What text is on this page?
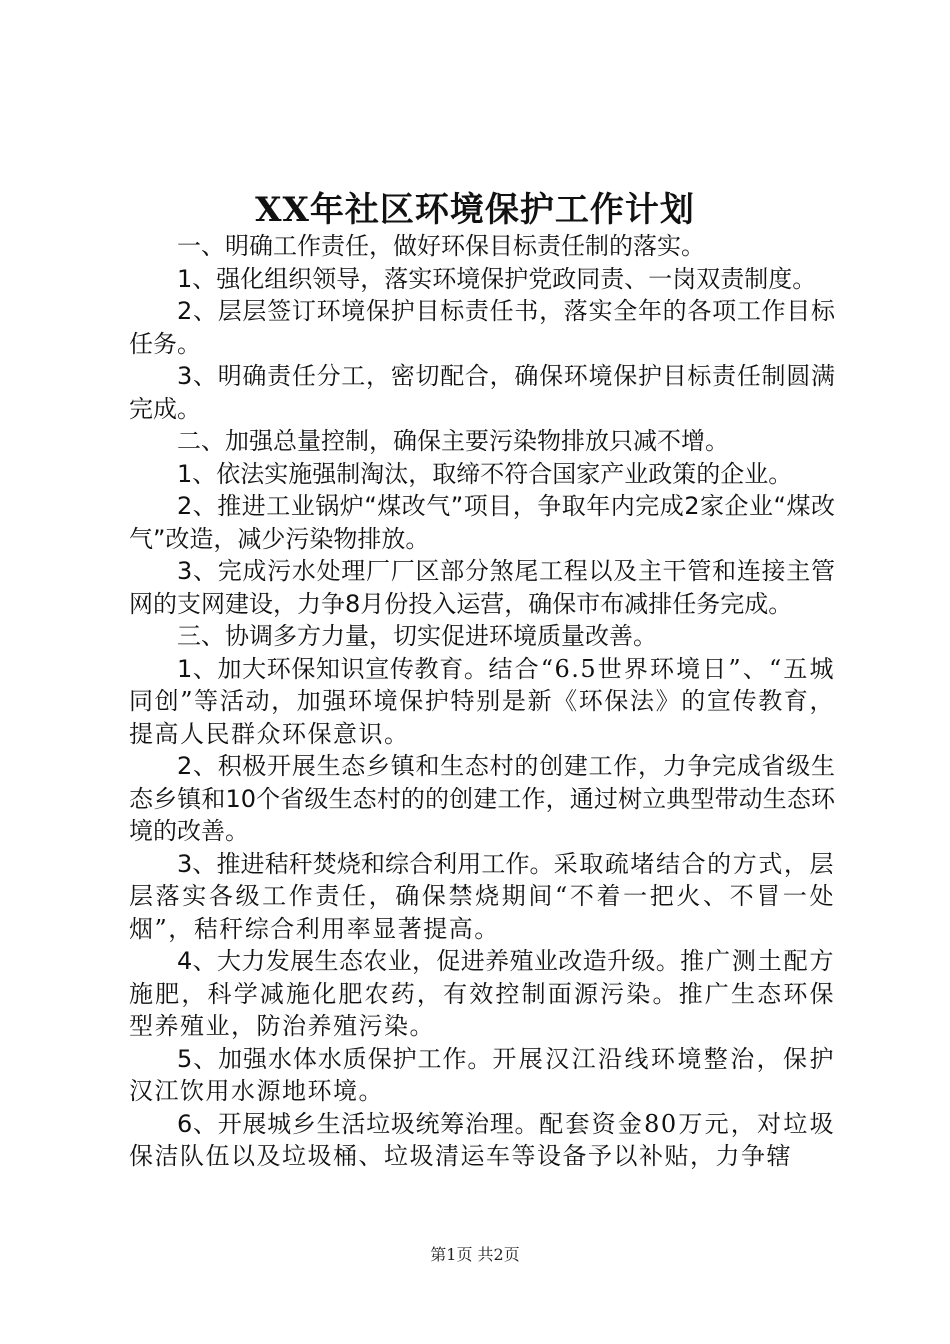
XX年社区环境保护工作计划

一、明确工作责任，做好环保目标责任制的落实。

1、强化组织领导，落实环境保护党政同责、一岗双责制度。

2、层层签订环境保护目标责任书，落实全年的各项工作目标任务。

3、明确责任分工，密切配合，确保环境保护目标责任制圆满完成。

二、加强总量控制，确保主要污染物排放只减不增。

1、依法实施强制淘汰，取缔不符合国家产业政策的企业。

2、推进工业锅炉“煤改气”项目，争取年内完成2家企业“煤改气”改造，减少污染物排放。

3、完成污水处理厂厂区部分煞尾工程以及主干管和连接主管网的支网建设，力争8月份投入运营，确保市布减排任务完成。

三、协调多方力量，切实促进环境质量改善。

1、加大环保知识宣传教育。结合“6.5世界环境日”、“五城同创”等活动，加强环境保护特别是新《环保法》的宣传教育，提高人民群众环保意识。

2、积极开展生态乡镇和生态村的创建工作，力争完成省级生态乡镇和10个省级生态村的的创建工作，通过树立典型带动生态环境的改善。

3、推进秸秆焚烧和综合利用工作。采取疏堵结合的方式，层层落实各级工作责任，确保禁烧期间“不着一把火、不冒一处烟”，秸秆综合利用率显著提高。

4、大力发展生态农业，促进养殖业改造升级。推广测土配方施肥，科学减施化肥农药，有效控制面源污染。推广生态环保型养殖业，防治养殖污染。

5、加强水体水质保护工作。开展汉江沿线环境整治，保护汉江饮用水源地环境。

6、开展城乡生活垃圾统筹治理。配套资金80万元，对垃圾保洁队伍以及垃圾桶、垃圾清运车等设备予以补贴，力争辖

第1页 共2页
